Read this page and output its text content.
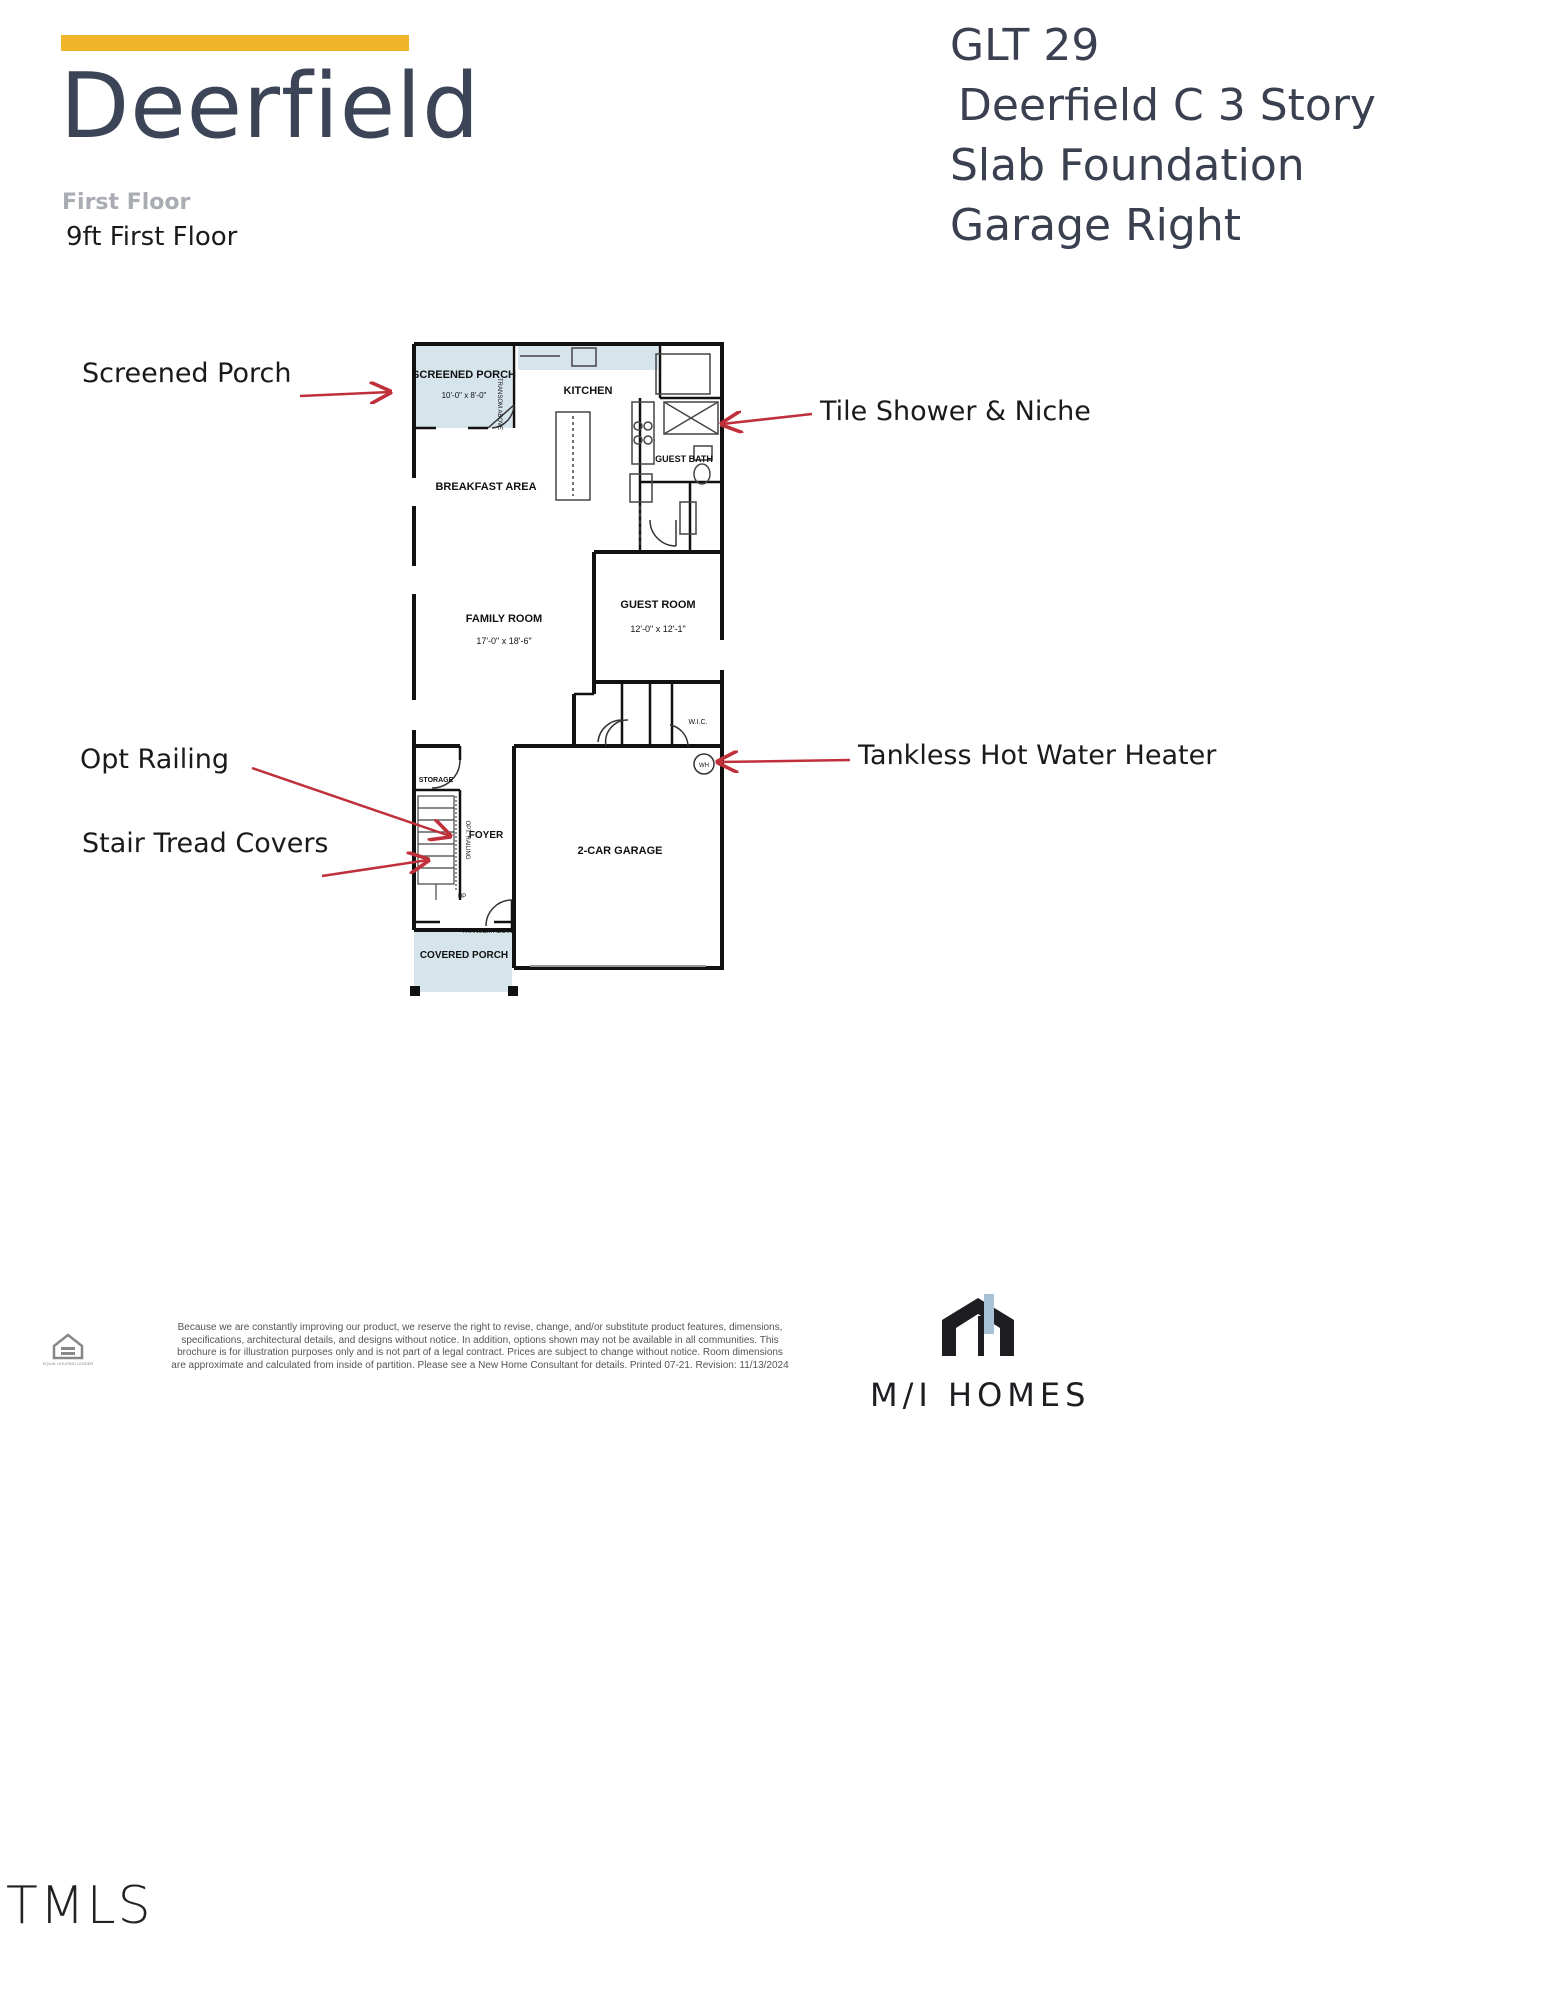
Deerfield
First Floor
9ft First Floor
GLT 29
Deerfield C 3 Story
Slab Foundation
Garage Right
Screened Porch
Tile Shower & Niche
Opt Railing
Stair Tread Covers
Tankless Hot Water Heater
SCREENED PORCH
10'-0" x 8'-0" TRANSOM ABOVE	KITCHEN
GUEST BATH
BREAKFAST AREA
FAMILY ROOM
17'-0" x 18'-6"
GUEST ROOM
12'-0" x 12'-1"
W.I.C.
WH
STORAGE
FOYER
OPT. RAILING
UP
2-CAR GARAGE
TRANSOM ABOVE
COVERED PORCH
EQUAL HOUSING LENDER
Because we are constantly improving our product, we reserve the right to revise, change, and/or substitute product features, dimensions, specifications, architectural details, and designs without notice. In addition, options shown may not be available in all communities. This brochure is for illustration purposes only and is not part of a legal contract. Prices are subject to change without notice. Room dimensions are approximate and calculated from inside of partition. Please see a New Home Consultant for details. Printed 07-21. Revision: 11/13/2024
M/I HOMES
TMLS
